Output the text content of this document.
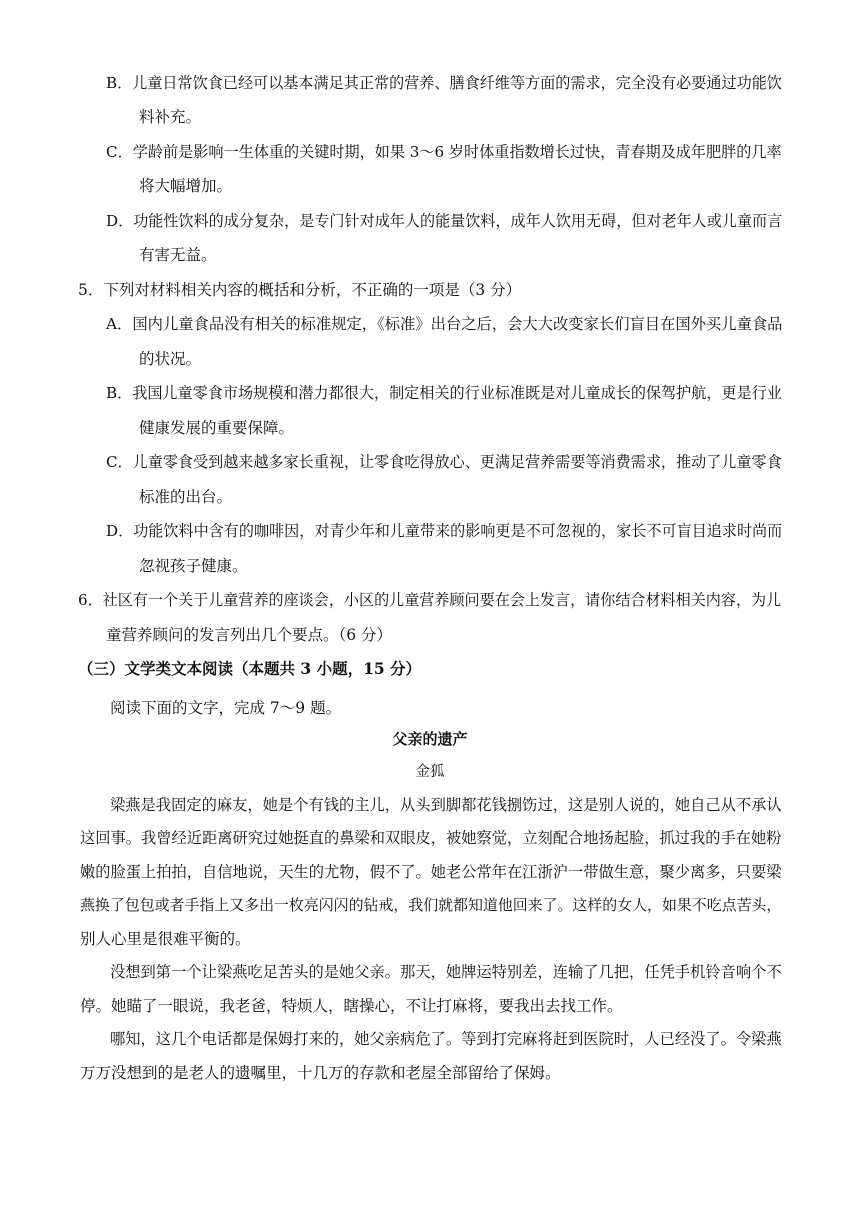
B．儿童日常饮食已经可以基本满足其正常的营养、膳食纤维等方面的需求，完全没有必要通过功能饮
料补充。
C．学龄前是影响一生体重的关键时期，如果 3～6 岁时体重指数增长过快，青春期及成年肥胖的几率
将大幅增加。
D．功能性饮料的成分复杂，是专门针对成年人的能量饮料，成年人饮用无碍，但对老年人或儿童而言
有害无益。
5．下列对材料相关内容的概括和分析，不正确的一项是（3 分）
A．国内儿童食品没有相关的标准规定，《标准》出台之后，会大大改变家长们盲目在国外买儿童食品
的状况。
B．我国儿童零食市场规模和潜力都很大，制定相关的行业标准既是对儿童成长的保驾护航，更是行业
健康发展的重要保障。
C．儿童零食受到越来越多家长重视，让零食吃得放心、更满足营养需要等消费需求，推动了儿童零食
标准的出台。
D．功能饮料中含有的咖啡因，对青少年和儿童带来的影响更是不可忽视的，家长不可盲目追求时尚而
忽视孩子健康。
6．社区有一个关于儿童营养的座谈会，小区的儿童营养顾问要在会上发言，请你结合材料相关内容，为儿
童营养顾问的发言列出几个要点。（6 分）
（三）文学类文本阅读（本题共 3 小题，15 分）
阅读下面的文字，完成 7～9 题。
父亲的遗产
金狐
梁燕是我固定的麻友，她是个有钱的主儿，从头到脚都花钱捌饬过，这是别人说的，她自己从不承认
这回事。我曾经近距离研究过她挺直的鼻梁和双眼皮，被她察觉，立刻配合地扬起脸，抓过我的手在她粉
嫩的脸蛋上拍拍，自信地说，天生的尤物，假不了。她老公常年在江浙沪一带做生意，聚少离多，只要梁
燕换了包包或者手指上又多出一枚亮闪闪的钻戒，我们就都知道他回来了。这样的女人，如果不吃点苦头，
别人心里是很难平衡的。
没想到第一个让梁燕吃足苦头的是她父亲。那天，她牌运特别差，连输了几把，任凭手机铃音响个不
停。她瞄了一眼说，我老爸，特烦人，瞎操心，不让打麻将，要我出去找工作。
哪知，这几个电话都是保姆打来的，她父亲病危了。等到打完麻将赶到医院时，人已经没了。令梁燕
万万没想到的是老人的遗嘱里，十几万的存款和老屋全部留给了保姆。
